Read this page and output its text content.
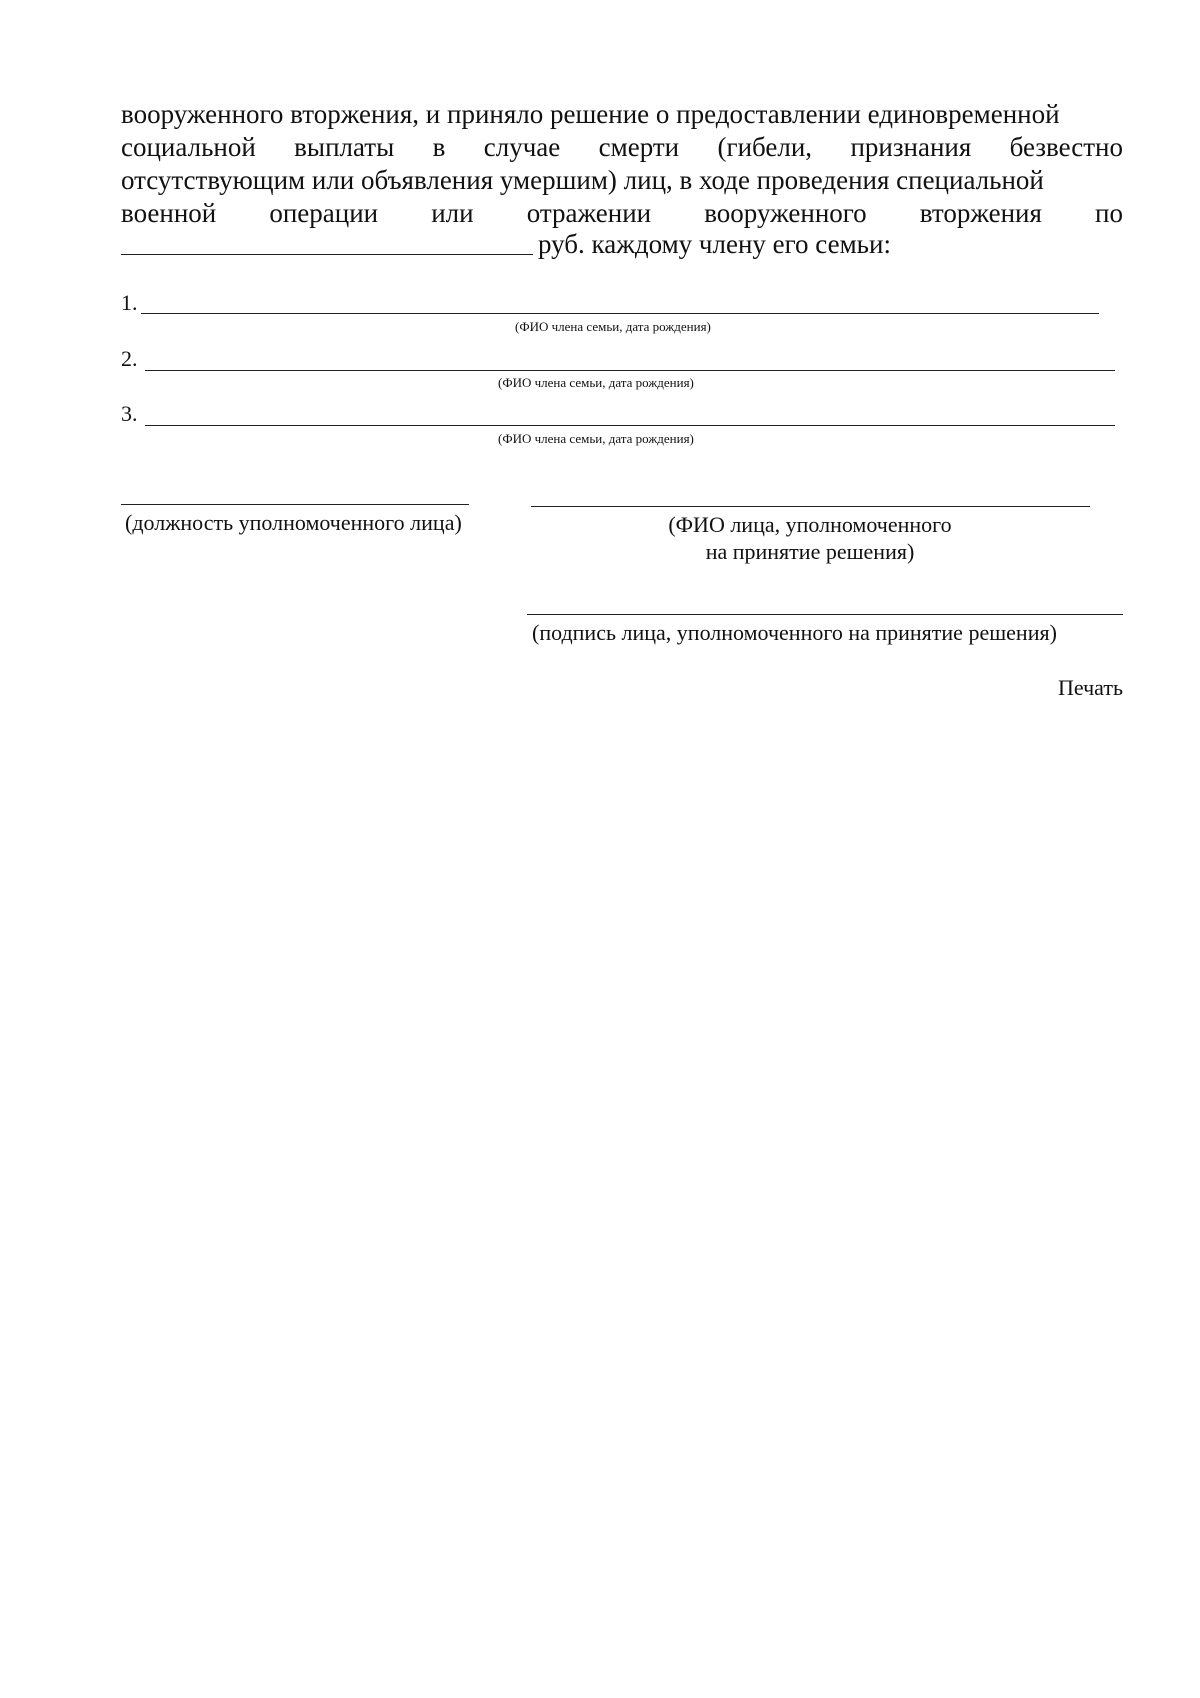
вооруженного вторжения, и приняло решение о предоставлении единовременной
социальной выплаты в случае смерти (гибели, признания безвестно
отсутствующим или объявления умершим) лиц, в ходе проведения специальной
военной операции или отражении вооруженного вторжения по
руб. каждому члену его семьи:
1.
(ФИО члена семьи, дата рождения)
2.
(ФИО члена семьи, дата рождения)
3.
(ФИО члена семьи, дата рождения)
(должность уполномоченного лица)	(ФИО лица, уполномоченного
на принятие решения)
(подпись лица, уполномоченного на принятие решения)
Печать
